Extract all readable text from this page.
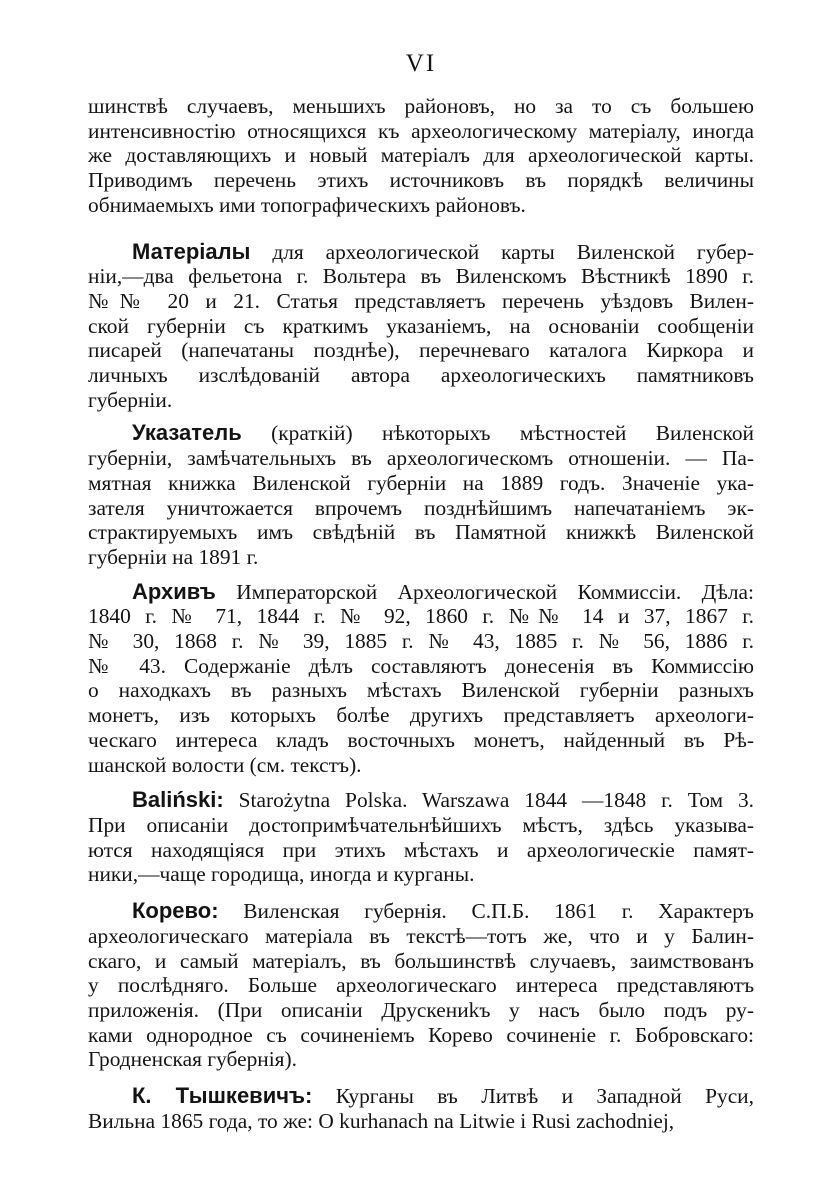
VI

шинствѣ случаевъ, меньшихъ районовъ, но за то съ большею
интенсивностію относящихся къ археологическому матеріалу, иногда
же доставляющихъ и новый матеріалъ для археологической карты.
Приводимъ перечень этихъ источниковъ въ порядкѣ величины
обнимаемыхъ ими топографическихъ районовъ.

Матеріалы для археологической карты Виленской губер-
ніи,—два фельетона г. Вольтера въ Виленскомъ Вѣстникѣ 1890 г.
№№ 20 и 21. Статья представляетъ перечень уѣздовъ Вилен-
ской губерніи съ краткимъ указаніемъ, на основаніи сообщеніи
писарей (напечатаны позднѣе), перечневаго каталога Киркора и
личныхъ изслѣдованій автора археологическихъ памятниковъ
губерніи.

Указатель (краткій) нѣкоторыхъ мѣстностей Виленской
губерніи, замѣчательныхъ въ археологическомъ отношеніи. — Па-
мятная книжка Виленской губерніи на 1889 годъ. Значеніе ука-
зателя уничтожается впрочемъ позднѣйшимъ напечатаніемъ эк-
страктируемыхъ имъ свѣдѣній въ Памятной книжкѣ Виленской
губерніи на 1891 г.

Архивъ Императорской Археологической Коммиссіи. Дѣла:
1840 г. № 71, 1844 г. № 92, 1860 г. №№ 14 и 37, 1867 г.
№ 30, 1868 г. № 39, 1885 г. № 43, 1885 г. № 56, 1886 г.
№ 43. Содержаніе дѣлъ составляютъ донесенія въ Коммиссію
о находкахъ въ разныхъ мѣстахъ Виленской губерніи разныхъ
монетъ, изъ которыхъ болѣе другихъ представляетъ археологи-
ческаго интереса кладъ восточныхъ монетъ, найденный въ Рѣ-
шанской волости (см. текстъ).

Baliński: Starożytna Polska. Warszawa 1844 —1848 г. Том 3.
При описаніи достопримѣчательнѣйшихъ мѣстъ, здѣсь указыва-
ются находящіяся при этихъ мѣстахъ и археологическіе памят-
ники,—чаще городища, иногда и курганы.

Корево: Виленская губернія. С.П.Б. 1861 г. Характеръ
археологическаго матеріала въ текстѣ—тотъ же, что и у Балин-
скаго, и самый матеріалъ, въ большинствѣ случаевъ, заимствованъ
у послѣдняго. Больше археологическаго интереса представляютъ
приложенія. (При описаніи Друскениkъ у насъ было подъ ру-
ками однородное съ сочиненіемъ Корево сочиненіе г. Бобровскаго:
Гродненская губернія).

К. Тышкевичъ: Курганы въ Литвѣ и Западной Руси,
Вильна 1865 года, то же: O kurhanach na Litwie i Rusi zachodniej,
